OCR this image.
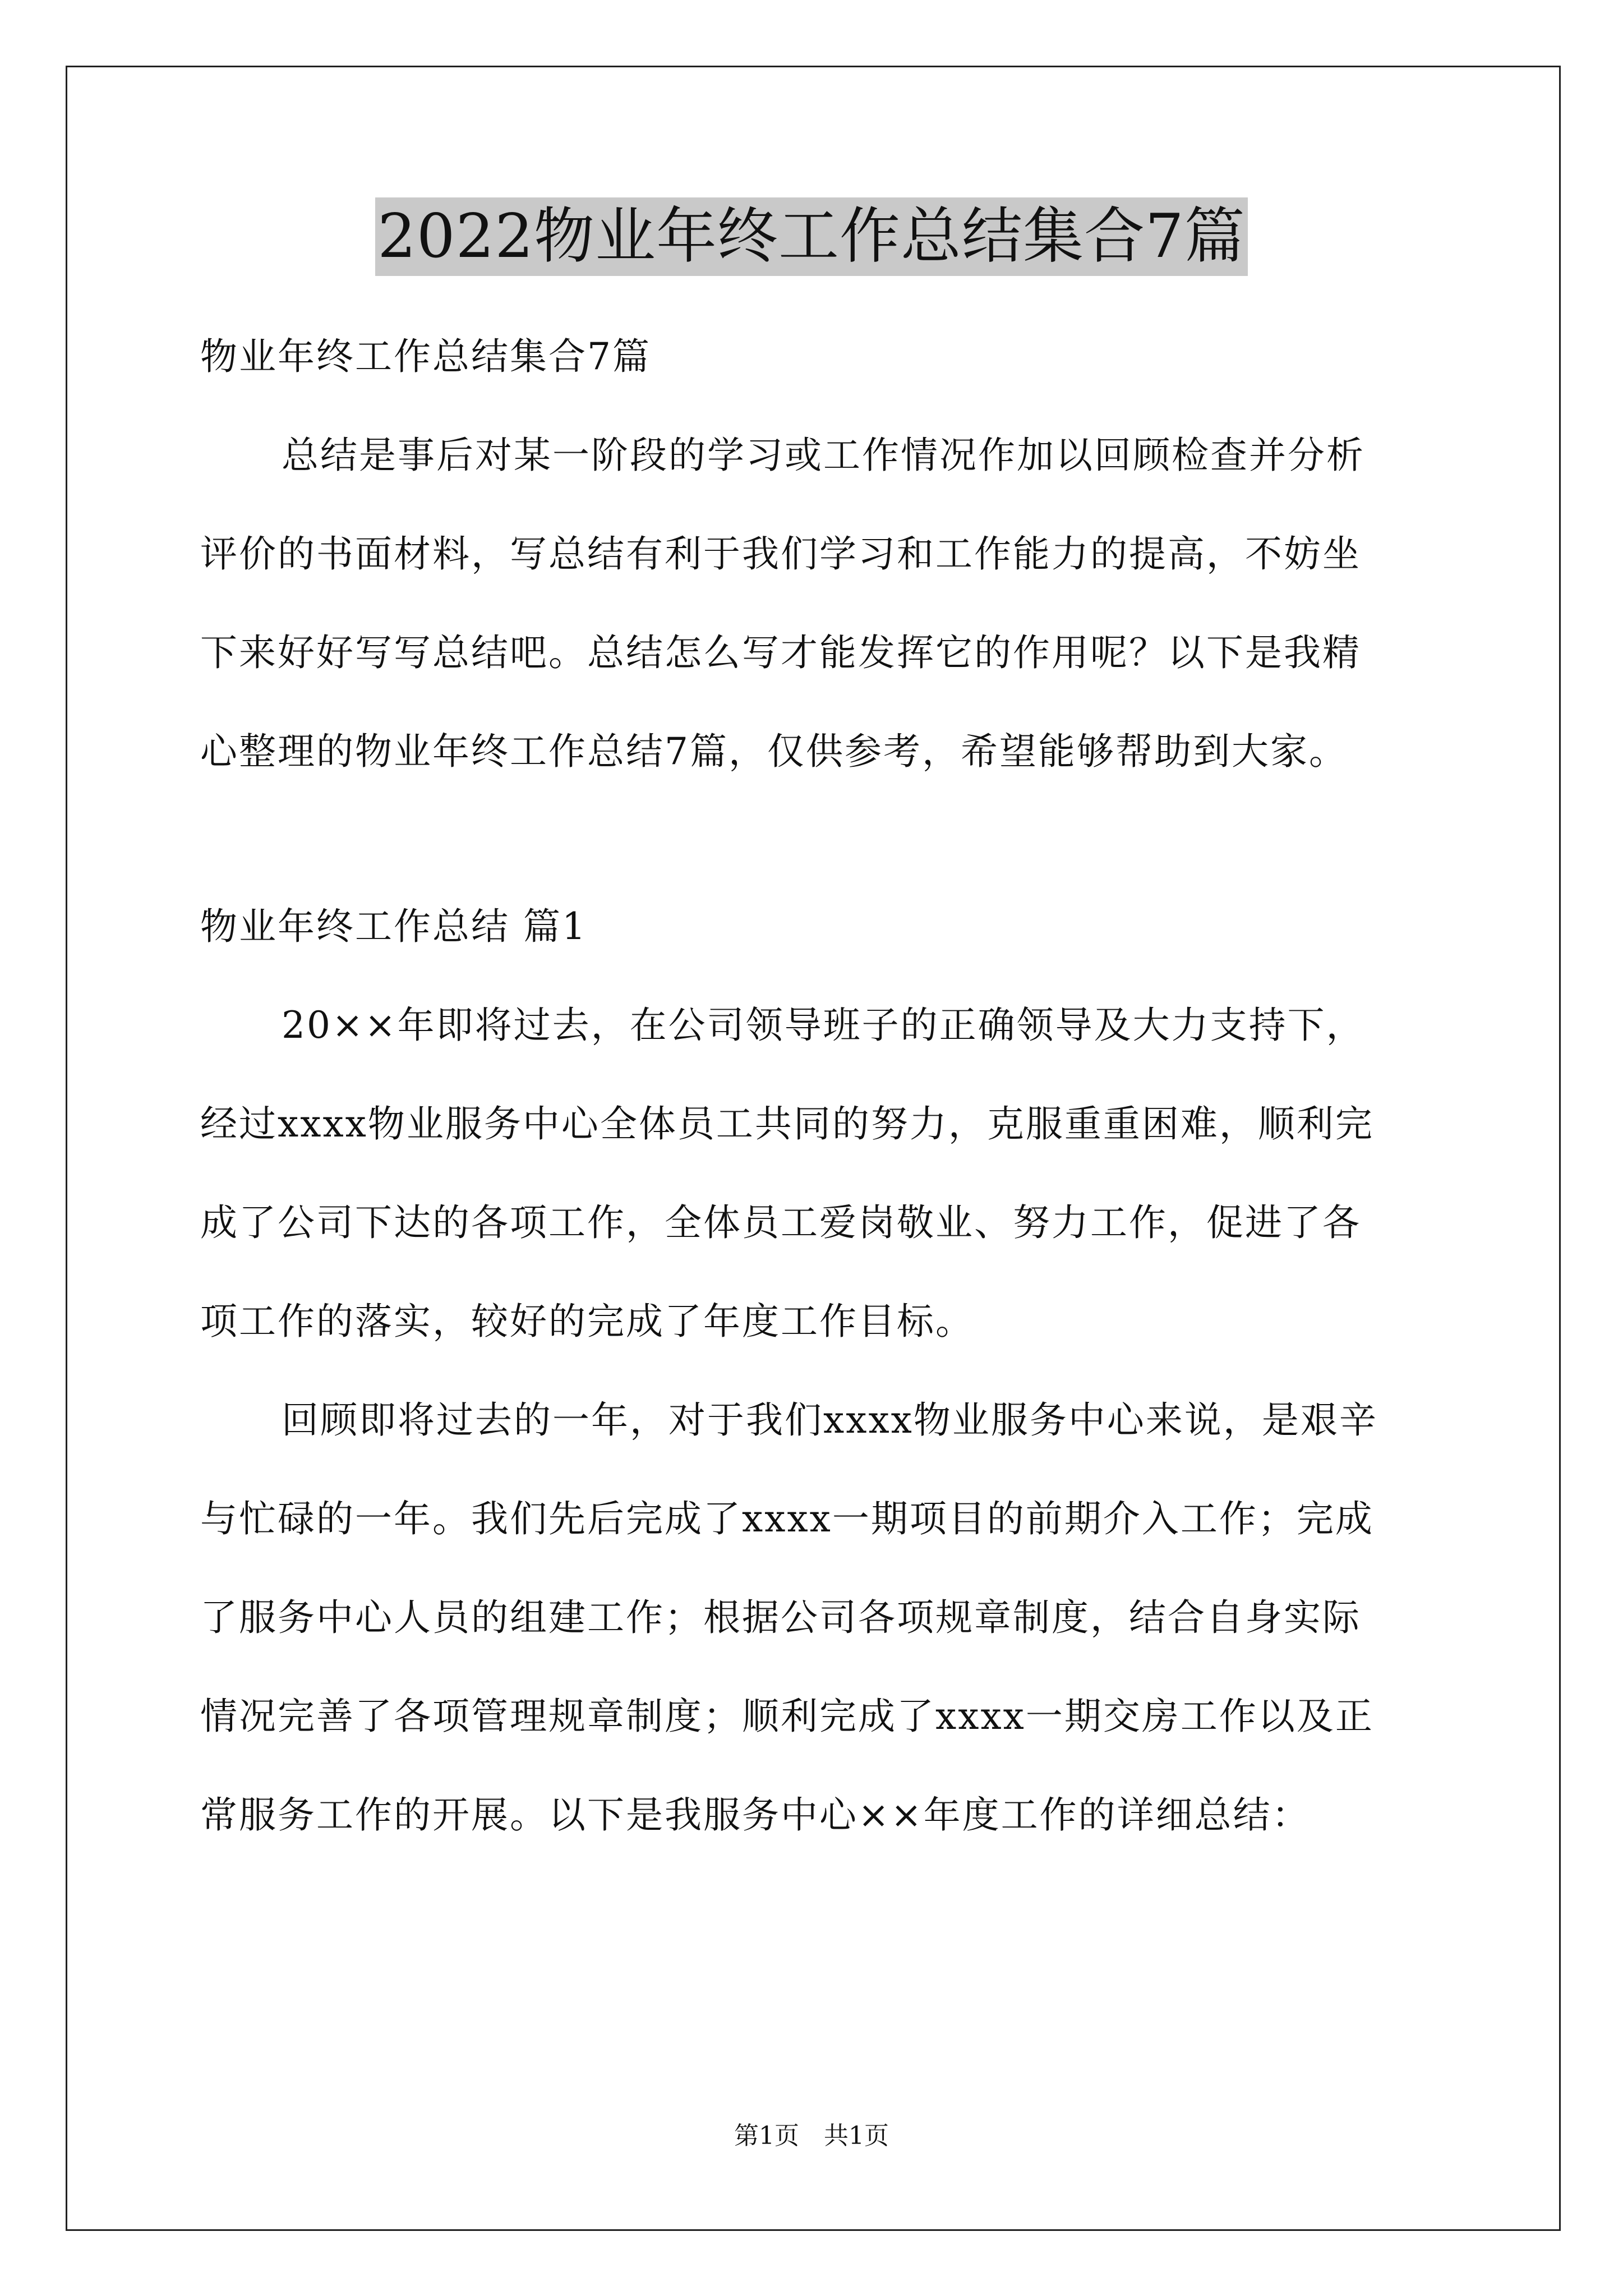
2022物业年终工作总结集合7篇

物业年终工作总结集合7篇

总结是事后对某一阶段的学习或工作情况作加以回顾检查并分析
评价的书面材料，写总结有利于我们学习和工作能力的提高，不妨坐
下来好好写写总结吧。总结怎么写才能发挥它的作用呢？以下是我精
心整理的物业年终工作总结7篇，仅供参考，希望能够帮助到大家。

物业年终工作总结 篇1

20××年即将过去，在公司领导班子的正确领导及大力支持下，
经过xxxx物业服务中心全体员工共同的努力，克服重重困难，顺利完
成了公司下达的各项工作，全体员工爱岗敬业、努力工作，促进了各
项工作的落实，较好的完成了年度工作目标。
回顾即将过去的一年，对于我们xxxx物业服务中心来说，是艰辛
与忙碌的一年。我们先后完成了xxxx一期项目的前期介入工作；完成
了服务中心人员的组建工作；根据公司各项规章制度，结合自身实际
情况完善了各项管理规章制度；顺利完成了xxxx一期交房工作以及正
常服务工作的开展。以下是我服务中心××年度工作的详细总结：

第1页　共1页
